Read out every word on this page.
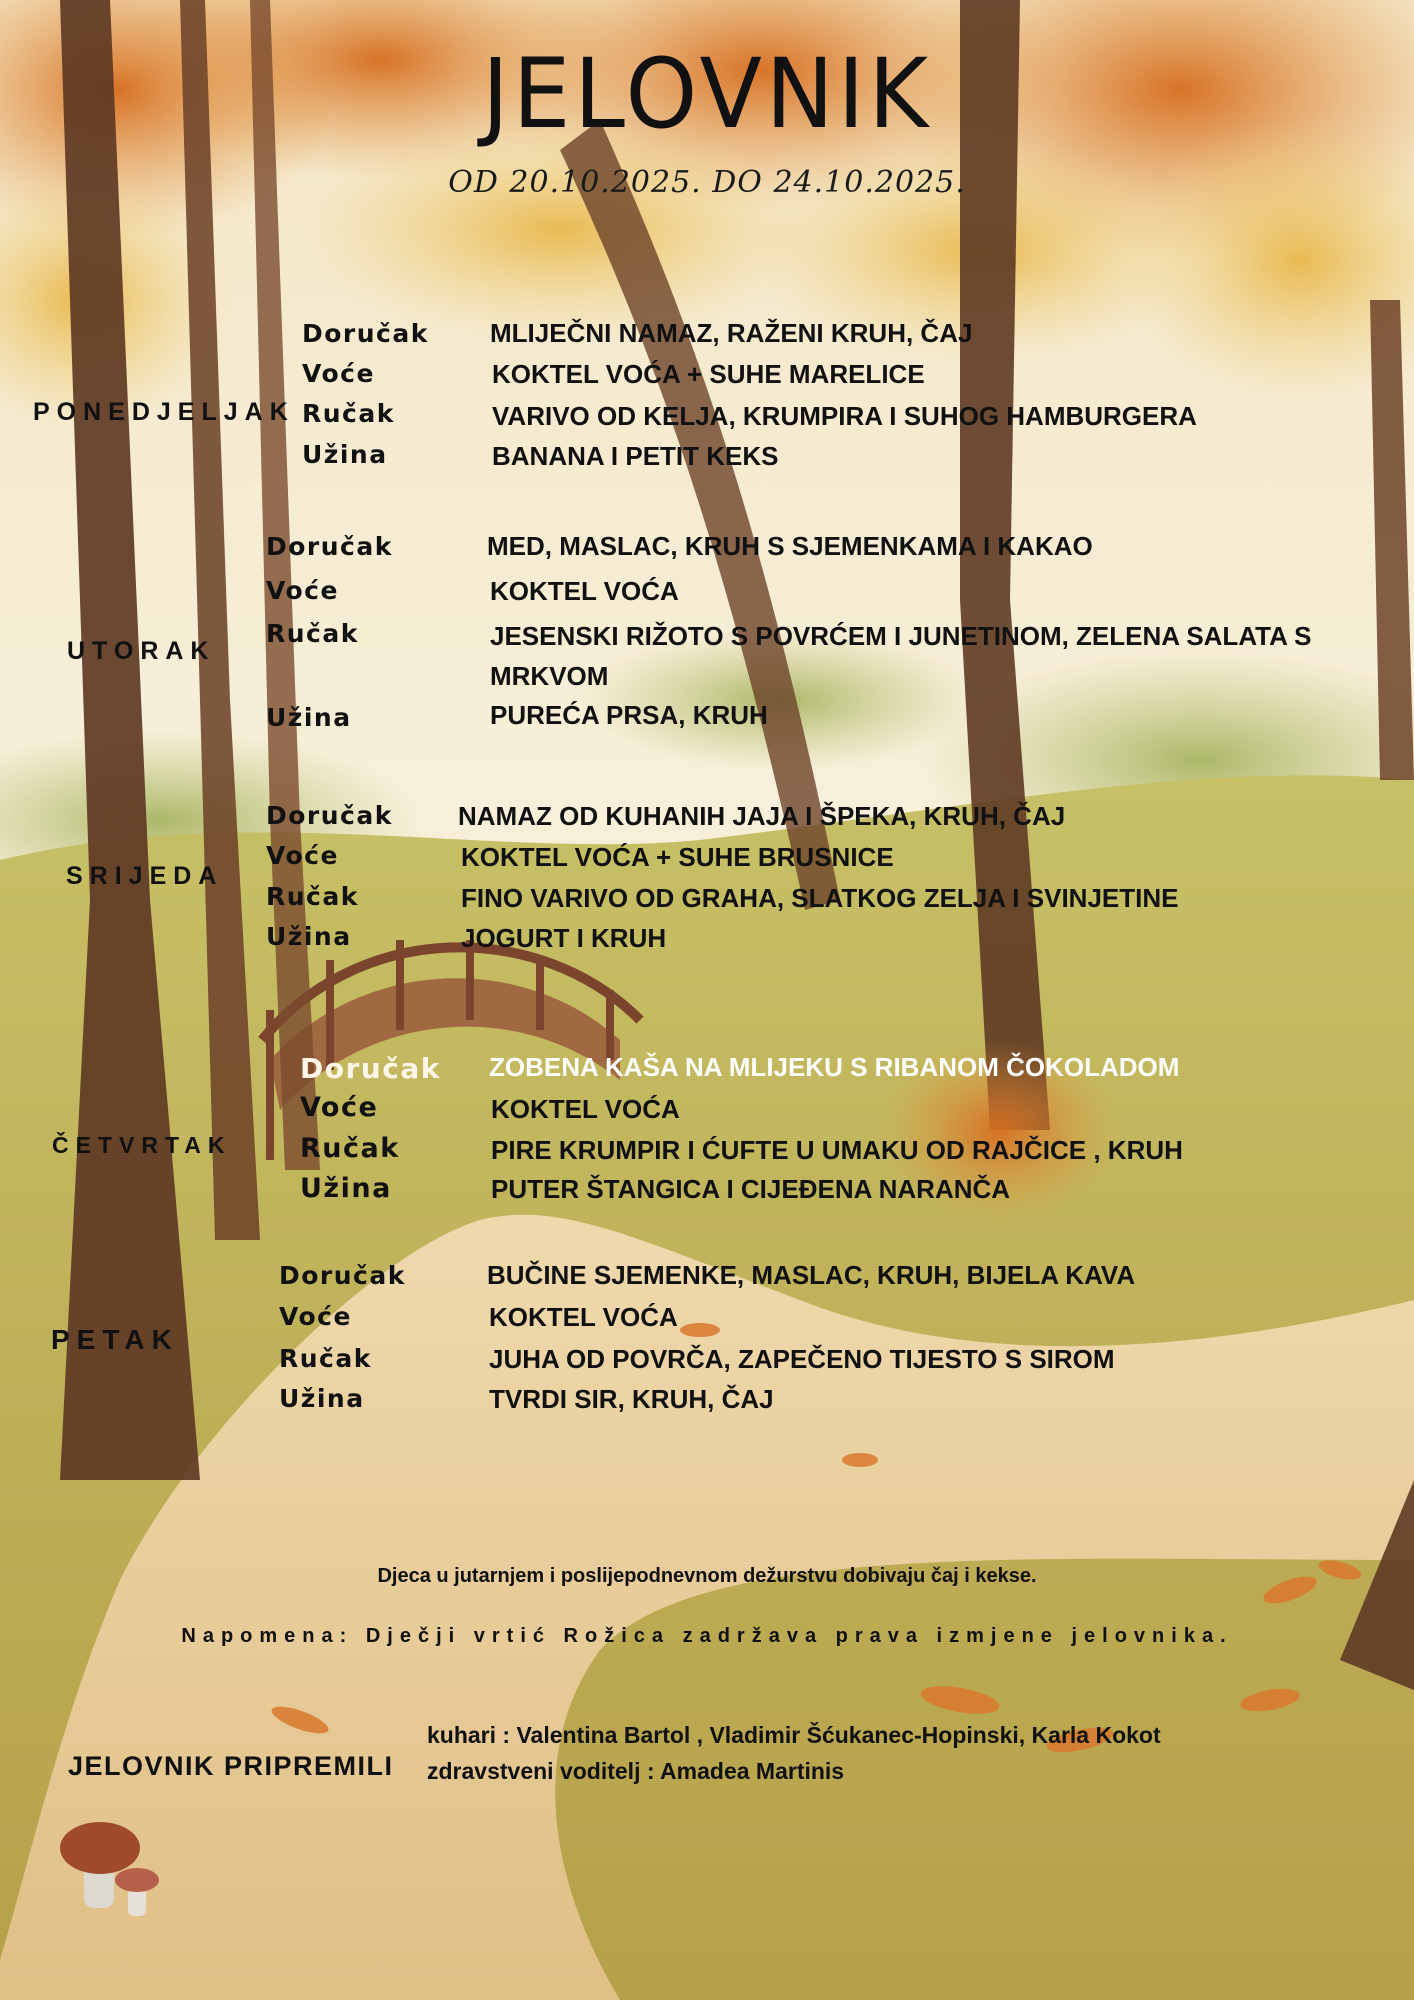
JELOVNIK
OD 20.10.2025. DO 24.10.2025.
PONEDJELJAK
Doručak MLIJEČNI NAMAZ, RAŽENI KRUH, ČAJ
Voće	KOKTEL VOĆA + SUHE MARELICE
Ručak	VARIVO OD KELJA, KRUMPIRA I SUHOG HAMBURGERA
Užina	BANANA I PETIT KEKS
UTORAK
Doručak	MED, MASLAC, KRUH S SJEMENKAMA I KAKAO
Voće	KOKTEL VOĆA
Ručak	JESENSKI RIŽOTO S POVRĆEM I JUNETINOM, ZELENA SALATA S MRKVOM
Užina	PUREĆA PRSA, KRUH
SRIJEDA
Doručak	NAMAZ OD KUHANIH JAJA I ŠPEKA, KRUH, ČAJ
Voće	KOKTEL VOĆA + SUHE BRUSNICE
Ručak	FINO VARIVO OD GRAHA, SLATKOG ZELJA I SVINJETINE
Užina	JOGURT I KRUH
ČETVRTAK
Doručak ZOBENA KAŠA NA MLIJEKU S RIBANOM ČOKOLADOM
Voće	KOKTEL VOĆA
Ručak	PIRE KRUMPIR I ĆUFTE U UMAKU OD RAJČICE , KRUH
Užina	PUTER ŠTANGICA I CIJEĐENA NARANČA
PETAK
Doručak	BUČINE SJEMENKE, MASLAC, KRUH, BIJELA KAVA
Voće	KOKTEL VOĆA
Ručak	JUHA OD POVRČA, ZAPEČENO TIJESTO S SIROM
Užina	TVRDI SIR, KRUH, ČAJ
Djeca u jutarnjem i poslijepodnevnom dežurstvu dobivaju čaj i kekse.
Napomena: Dječji vrtić Rožica zadržava prava izmjene jelovnika.
JELOVNIK PRIPREMILI
kuhari : Valentina Bartol , Vladimir Šćukanec-Hopinski, Karla Kokot
zdravstveni voditelj : Amadea Martinis
